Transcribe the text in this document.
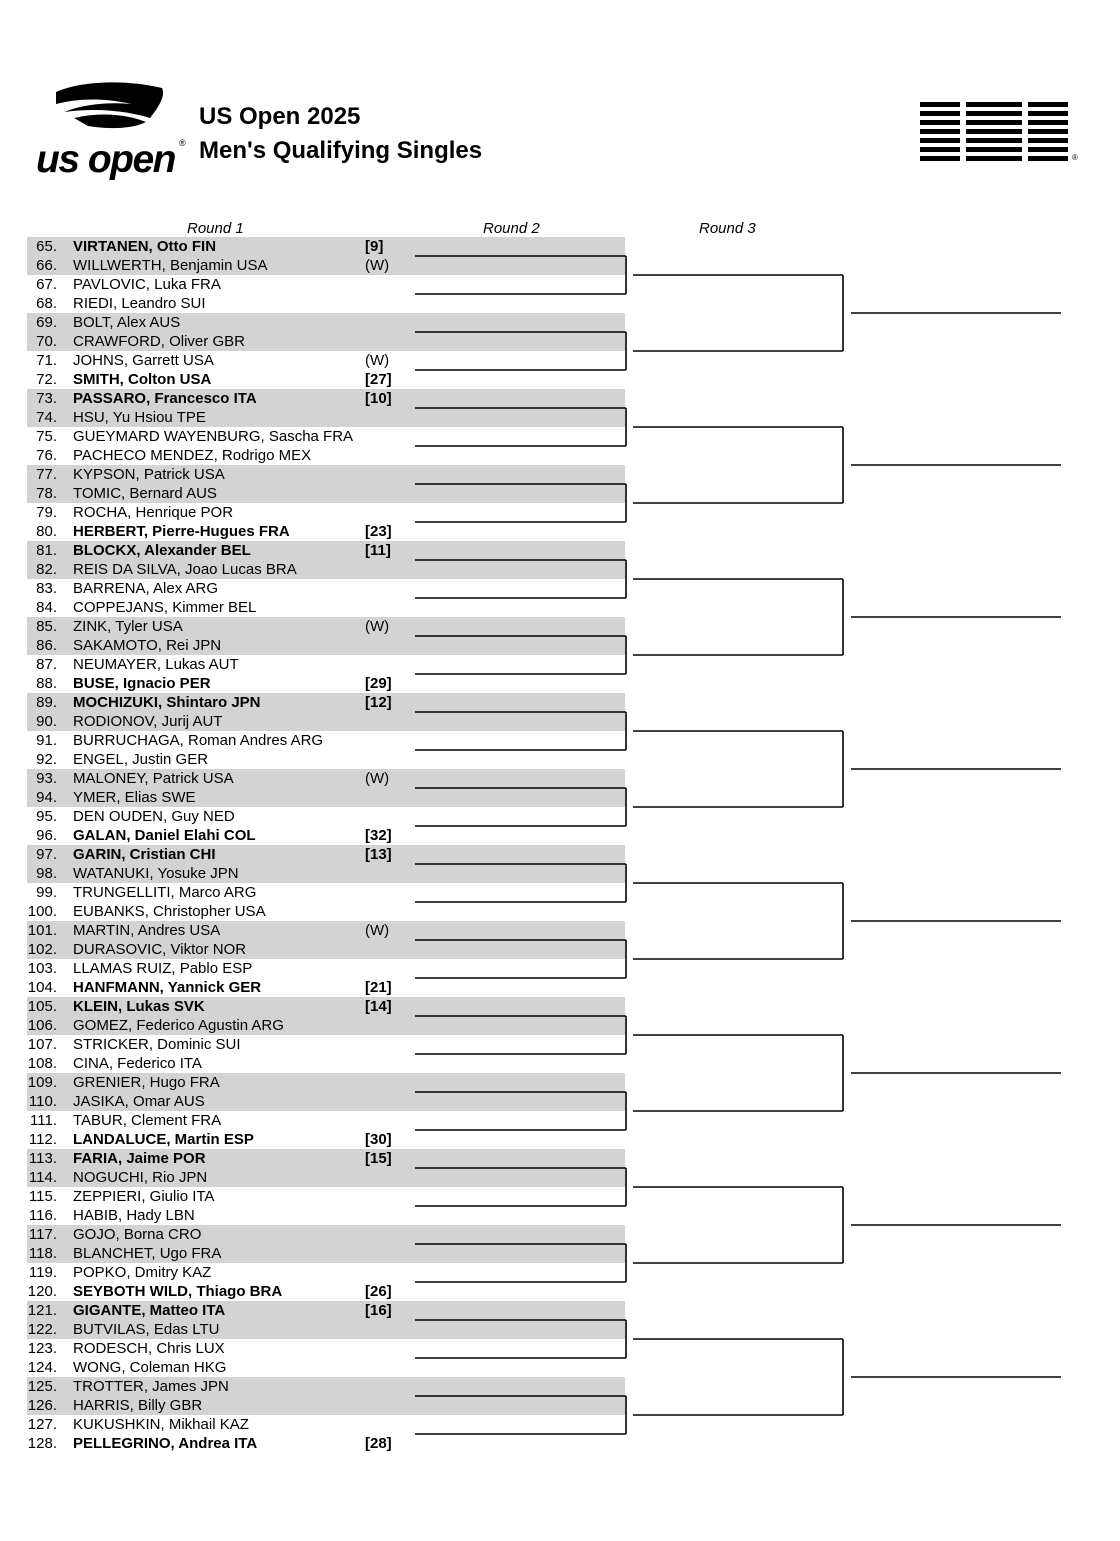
us open ®
US Open 2025
Men's Qualifying Singles	®
Round 1	Round 2	Round 3
65. VIRTANEN, Otto FIN	[9]
66. WILLWERTH, Benjamin USA	(W)
67. PAVLOVIC, Luka FRA
68. RIEDI, Leandro SUI
69. BOLT, Alex AUS
70. CRAWFORD, Oliver GBR
71. JOHNS, Garrett USA	(W)
72. SMITH, Colton USA	[27]
73. PASSARO, Francesco ITA	[10]
74. HSU, Yu Hsiou TPE
75. GUEYMARD WAYENBURG, Sascha FRA
76. PACHECO MENDEZ, Rodrigo MEX
77. KYPSON, Patrick USA
78. TOMIC, Bernard AUS
79. ROCHA, Henrique POR
80. HERBERT, Pierre-Hugues FRA	[23]
81. BLOCKX, Alexander BEL	[11]
82. REIS DA SILVA, Joao Lucas BRA
83. BARRENA, Alex ARG
84. COPPEJANS, Kimmer BEL
85. ZINK, Tyler USA	(W)
86. SAKAMOTO, Rei JPN
87. NEUMAYER, Lukas AUT
88. BUSE, Ignacio PER	[29]
89. MOCHIZUKI, Shintaro JPN	[12]
90. RODIONOV, Jurij AUT
91. BURRUCHAGA, Roman Andres ARG
92. ENGEL, Justin GER
93. MALONEY, Patrick USA	(W)
94. YMER, Elias SWE
95. DEN OUDEN, Guy NED
96. GALAN, Daniel Elahi COL	[32]
97. GARIN, Cristian CHI	[13]
98. WATANUKI, Yosuke JPN
99. TRUNGELLITI, Marco ARG
100. EUBANKS, Christopher USA
101. MARTIN, Andres USA	(W)
102. DURASOVIC, Viktor NOR
103. LLAMAS RUIZ, Pablo ESP
104. HANFMANN, Yannick GER	[21]
105. KLEIN, Lukas SVK	[14]
106. GOMEZ, Federico Agustin ARG
107. STRICKER, Dominic SUI
108. CINA, Federico ITA
109. GRENIER, Hugo FRA
110. JASIKA, Omar AUS
111. TABUR, Clement FRA
112. LANDALUCE, Martin ESP	[30]
113. FARIA, Jaime POR	[15]
114. NOGUCHI, Rio JPN
115. ZEPPIERI, Giulio ITA
116. HABIB, Hady LBN
117. GOJO, Borna CRO
118. BLANCHET, Ugo FRA
119. POPKO, Dmitry KAZ
120. SEYBOTH WILD, Thiago BRA	[26]
121. GIGANTE, Matteo ITA	[16]
122. BUTVILAS, Edas LTU
123. RODESCH, Chris LUX
124. WONG, Coleman HKG
125. TROTTER, James JPN
126. HARRIS, Billy GBR
127. KUKUSHKIN, Mikhail KAZ
128. PELLEGRINO, Andrea ITA	[28]
